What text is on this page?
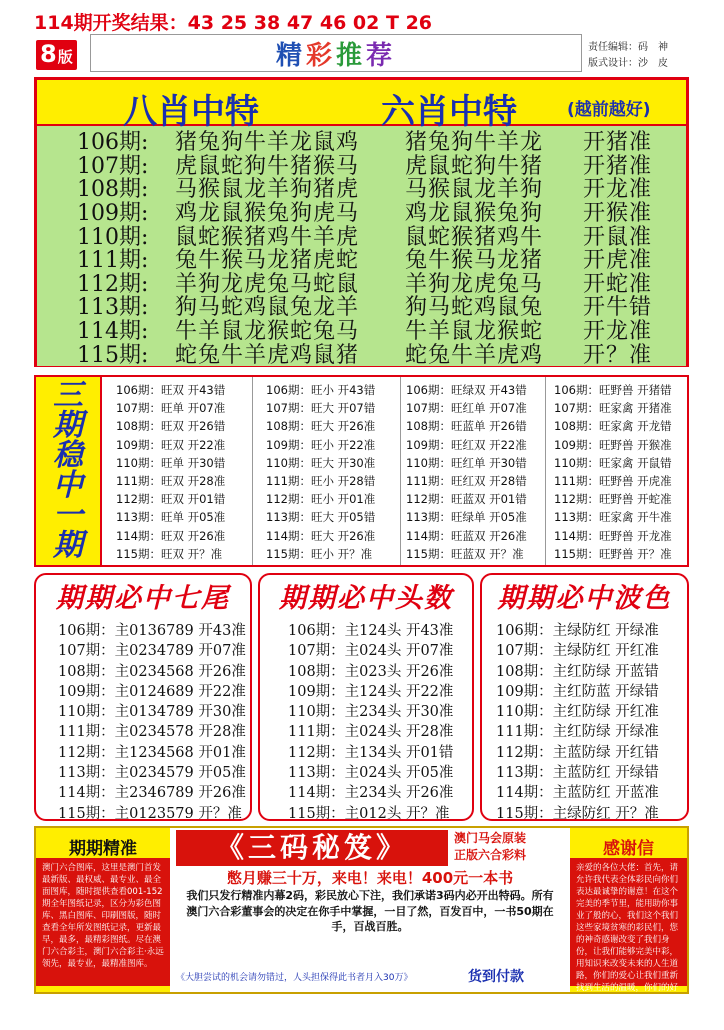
114期开奖结果：43 25 38 47 46 02 T 26
8 版	精 彩 推 荐	责任编辑：码　神
版式设计：沙　皮
八肖中特	六肖中特	(越前越好)
106期: 猪兔狗牛羊龙鼠鸡 猪兔狗牛羊龙 开猪准
107期: 虎鼠蛇狗牛猪猴马 虎鼠蛇狗牛猪 开猪准
108期: 马猴鼠龙羊狗猪虎 马猴鼠龙羊狗 开龙准
109期: 鸡龙鼠猴兔狗虎马 鸡龙鼠猴兔狗 开猴准
110期: 鼠蛇猴猪鸡牛羊虎 鼠蛇猴猪鸡牛 开鼠准
111期: 兔牛猴马龙猪虎蛇 兔牛猴马龙猪 开虎准
112期: 羊狗龙虎兔马蛇鼠 羊狗龙虎兔马 开蛇准
113期: 狗马蛇鸡鼠兔龙羊 狗马蛇鸡鼠兔 开牛错
114期: 牛羊鼠龙猴蛇兔马 牛羊鼠龙猴蛇 开龙准
115期: 蛇兔牛羊虎鸡鼠猪 蛇兔牛羊虎鸡 开？准
三
期
稳
中
一
期
106期：旺双 开43错
107期：旺单 开07准
108期：旺双 开26错
109期：旺双 开22准
110期：旺单 开30错
111期：旺双 开28准
112期：旺双 开01错
113期：旺单 开05准
114期：旺双 开26准
115期：旺双 开？准
106期：旺小 开43错
107期：旺大 开07错
108期：旺大 开26准
109期：旺小 开22准
110期：旺大 开30准
111期：旺小 开28错
112期：旺小 开01准
113期：旺大 开05错
114期：旺大 开26准
115期：旺小 开？准
106期：旺绿双 开43错
107期：旺红单 开07准
108期：旺蓝单 开26错
109期：旺红双 开22准
110期：旺红单 开30错
111期：旺红双 开28错
112期：旺蓝双 开01错
113期：旺绿单 开05准
114期：旺蓝双 开26准
115期：旺蓝双 开？准
106期：旺野兽 开猪错
107期：旺家禽 开猪准
108期：旺家禽 开龙错
109期：旺野兽 开猴准
110期：旺家禽 开鼠错
111期：旺野兽 开虎准
112期：旺野兽 开蛇准
113期：旺家禽 开牛准
114期：旺野兽 开龙准
115期：旺野兽 开？准
期期必中七尾
106期：主0136789 开43准
107期：主0234789 开07准
108期：主0234568 开26准
109期：主0124689 开22准
110期：主0134789 开30准
111期：主0234578 开28准
112期：主1234568 开01准
113期：主0234579 开05准
114期：主2346789 开26准
115期：主0123579 开？准
期期必中头数
106期：主124头 开43准
107期：主024头 开07准
108期：主023头 开26准
109期：主124头 开22准
110期：主234头 开30准
111期：主024头 开28准
112期：主134头 开01错
113期：主024头 开05准
114期：主234头 开26准
115期：主012头 开？准
期期必中波色
106期：主绿防红 开绿准
107期：主绿防红 开红准
108期：主红防绿 开蓝错
109期：主红防蓝 开绿错
110期：主红防绿 开红准
111期：主红防绿 开绿准
112期：主蓝防绿 开红错
113期：主蓝防红 开绿错
114期：主蓝防红 开蓝准
115期：主绿防红 开？准
期期精准
澳门六合图库，这里是澳门首发最新版、最权威、最专业、最全面图库，随时提供查看001-152期全年图纸记录，区分为彩色图库、黑白图库、印刷图版，随时查看全年所发图纸记录，更新最早，最多，最精彩图纸。尽在澳门六合彩主，澳门六合彩主·永远领先，最专业，最精准图库。
《三码秘笈》	澳门马会原装
正版六合彩料
憋月赚三十万，来电！来电！400元一本书
我们只发行精准内幕2码，彩民放心下注，我们承诺3码内必开出特码。所有澳门六合彩董事会的决定在你手中掌握，一目了然，百发百中，一书50期在手，百战百胜。
《大胆尝试的机会请勿错过，人头担保得此书者月入30万》	货到付款
感谢信
亲爱的各位大佬：首先，请允许我代表全体彩民向你们表达最诚挚的谢意！在这个完美的季节里，能用助你事业了般的心，我们这个我们这些家境贫寒的彩民们，您的神奇感谢改变了我们身份，让我们能够完美中彩，用知识来改变未来的人生道路，你们的爱心让我们重新找到生活的温暖，你们的好帮助使了我们贫困的日子已经过去了，让我们向最新生活的心愿奋斗
